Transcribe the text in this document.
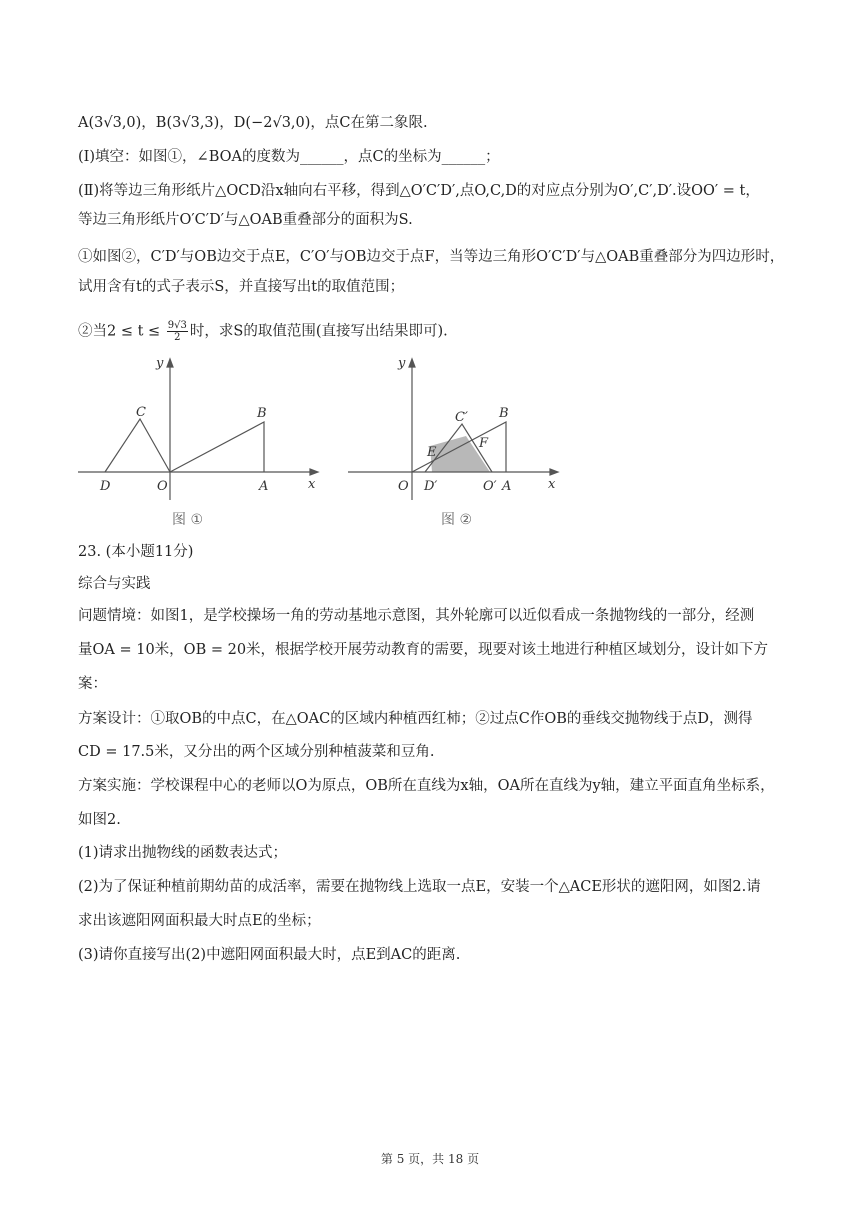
A(3√3,0)，B(3√3,3)，D(−2√3,0)，点C在第二象限.
(Ⅰ)填空：如图①，∠BOA的度数为______，点C的坐标为______；
(Ⅱ)将等边三角形纸片△OCD沿x轴向右平移，得到△O′C′D′,点O,C,D的对应点分别为O′,C′,D′.设OO′ = t，
等边三角形纸片O′C′D′与△OAB重叠部分的面积为S.
①如图②，C′D′与OB边交于点E，C′O′与OB边交于点F，当等边三角形O′C′D′与△OAB重叠部分为四边形时，
试用含有t的式子表示S，并直接写出t的取值范围；
②当$2 \le t \le \frac{9√3}{2}$ 时，求S的取值范围(直接写出结果即可).
y
x
C	B
D	O	A
图 ①
y
x
C′ B
E
F
O D′	O′ A
图 ②
23. (本小题11分)
综合与实践
问题情境：如图1，是学校操场一角的劳动基地示意图，其外轮廓可以近似看成一条抛物线的一部分，经测
量OA = 10米，OB = 20米，根据学校开展劳动教育的需要，现要对该土地进行种植区域划分，设计如下方
案：
方案设计：①取OB的中点C，在△OAC的区域内种植西红柿；②过点C作OB的垂线交抛物线于点D，测得
CD = 17.5米，又分出的两个区域分别种植菠菜和豆角.
方案实施：学校课程中心的老师以O为原点，OB所在直线为x轴，OA所在直线为y轴，建立平面直角坐标系，
如图2.
(1)请求出抛物线的函数表达式；
(2)为了保证种植前期幼苗的成活率，需要在抛物线上选取一点E，安装一个△ACE形状的遮阳网，如图2.请
求出该遮阳网面积最大时点E的坐标；
(3)请你直接写出(2)中遮阳网面积最大时，点E到AC的距离.
第 5 页，共 18 页
